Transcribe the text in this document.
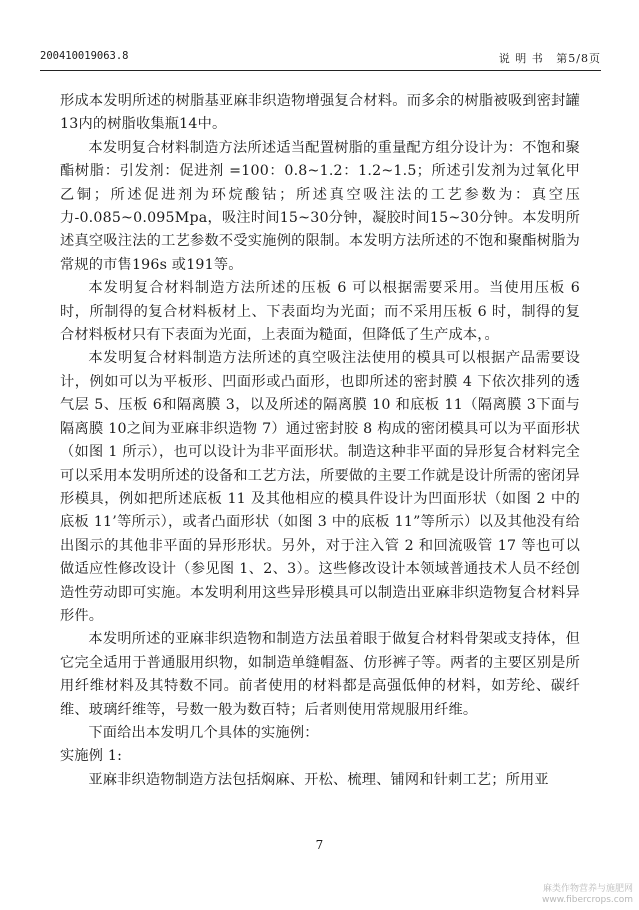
200410019063.8	说 明 书 第5/8页

形成本发明所述的树脂基亚麻非织造物增强复合材料。而多余的树脂被吸到密封罐13内的树脂收集瓶14中。

本发明复合材料制造方法所述适当配置树脂的重量配方组分设计为：不饱和聚酯树脂：引发剂：促进剂 =100：0.8~1.2：1.2~1.5；所述引发剂为过氧化甲乙铜；所述促进剂为环烷酸钴；所述真空吸注法的工艺参数为：真空压力-0.085~0.095Mpa，吸注时间15~30分钟，凝胶时间15~30分钟。本发明所述真空吸注法的工艺参数不受实施例的限制。本发明方法所述的不饱和聚酯树脂为常规的市售196s 或191等。

本发明复合材料制造方法所述的压板 6 可以根据需要采用。当使用压板 6时，所制得的复合材料板材上、下表面均为光面；而不采用压板 6 时，制得的复合材料板材只有下表面为光面，上表面为糙面，但降低了生产成本，。

本发明复合材料制造方法所述的真空吸注法使用的模具可以根据产品需要设计，例如可以为平板形、凹面形或凸面形，也即所述的密封膜 4 下依次排列的透气层 5、压板 6和隔离膜 3，以及所述的隔离膜 10 和底板 11（隔离膜 3下面与隔离膜 10之间为亚麻非织造物 7）通过密封胶 8 构成的密闭模具可以为平面形状（如图 1 所示），也可以设计为非平面形状。制造这种非平面的异形复合材料完全可以采用本发明所述的设备和工艺方法，所要做的主要工作就是设计所需的密闭异形模具，例如把所述底板 11 及其他相应的模具件设计为凹面形状（如图 2 中的底板 11’等所示），或者凸面形状（如图 3 中的底板 11”等所示）以及其他没有给出图示的其他非平面的异形形状。另外，对于注入管 2 和回流吸管 17 等也可以做适应性修改设计（参见图 1、2、3）。这些修改设计本领域普通技术人员不经创造性劳动即可实施。本发明利用这些异形模具可以制造出亚麻非织造物复合材料异形件。

本发明所述的亚麻非织造物和制造方法虽着眼于做复合材料骨架或支持体，但它完全适用于普通服用织物，如制造单缝帽盔、仿形裤子等。两者的主要区别是所用纤维材料及其特数不同。前者使用的材料都是高强低伸的材料，如芳纶、碳纤维、玻璃纤维等，号数一般为数百特；后者则使用常规服用纤维。

下面给出本发明几个具体的实施例：

实施例 1:

亚麻非织造物制造方法包括焖麻、开松、梳理、铺网和针刺工艺；所用亚

7
麻类作物营养与施肥网
www.fibercrops.com
